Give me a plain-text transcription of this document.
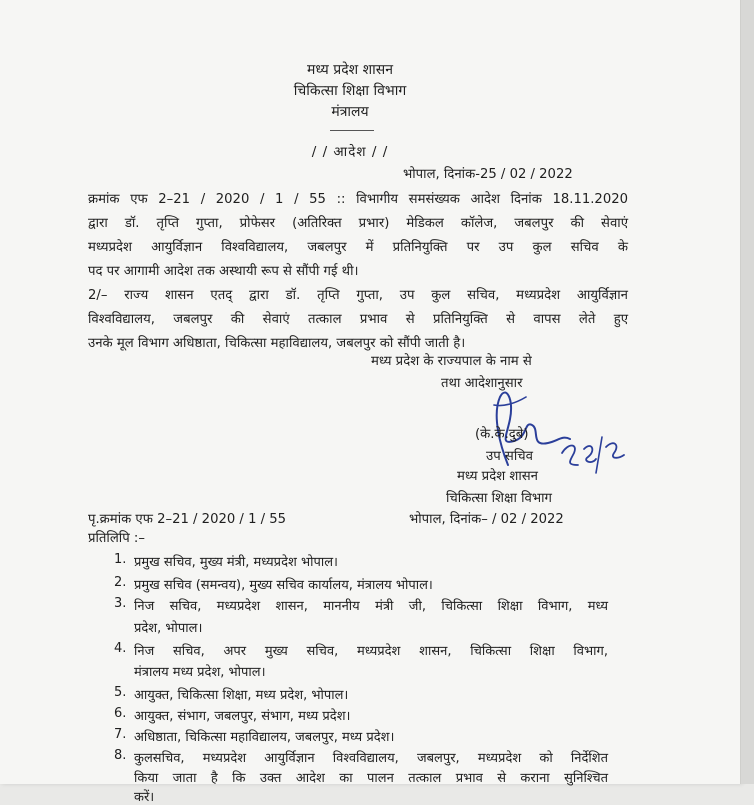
मध्य प्रदेश शासन
चिकित्सा शिक्षा विभाग
मंत्रालय
/ / आदेश / /
भोपाल, दिनांक-25 / 02 / 2022
क्रमांक एफ 2–21 / 2020 / 1 / 55 :: विभागीय समसंख्यक आदेश दिनांक 18.11.2020
द्वारा डॉ. तृप्ति गुप्ता, प्रोफेसर (अतिरिक्त प्रभार) मेडिकल कॉलेज, जबलपुर की सेवाएं
मध्यप्रदेश आयुर्विज्ञान विश्वविद्यालय, जबलपुर में प्रतिनियुक्ति पर उप कुल सचिव के
पद पर आगामी आदेश तक अस्थायी रूप से सौंपी गई थी।
2/– राज्य शासन एतद् द्वारा डॉ. तृप्ति गुप्ता, उप कुल सचिव, मध्यप्रदेश आयुर्विज्ञान
विश्वविद्यालय, जबलपुर की सेवाएं तत्काल प्रभाव से प्रतिनियुक्ति से वापस लेते हुए
उनके मूल विभाग अधिष्ठाता, चिकित्सा महाविद्यालय, जबलपुर को सौंपी जाती है।
मध्य प्रदेश के राज्यपाल के नाम से
तथा आदेशानुसार
(के.के.दुबे)
उप सचिव
मध्य प्रदेश शासन
चिकित्सा शिक्षा विभाग
पृ.क्रमांक एफ 2–21 / 2020 / 1 / 55	भोपाल, दिनांक– / 02 / 2022
प्रतिलिपि :–
1. प्रमुख सचिव, मुख्य मंत्री, मध्यप्रदेश भोपाल।
2. प्रमुख सचिव (समन्वय), मुख्य सचिव कार्यालय, मंत्रालय भोपाल।
3. निज सचिव, मध्यप्रदेश शासन, माननीय मंत्री जी, चिकित्सा शिक्षा विभाग, मध्य
प्रदेश, भोपाल।
4. निज सचिव, अपर मुख्य सचिव, मध्यप्रदेश शासन, चिकित्सा शिक्षा विभाग,
मंत्रालय मध्य प्रदेश, भोपाल।
5. आयुक्त, चिकित्सा शिक्षा, मध्य प्रदेश, भोपाल।
6. आयुक्त, संभाग, जबलपुर, संभाग, मध्य प्रदेश।
7. अधिष्ठाता, चिकित्सा महाविद्यालय, जबलपुर, मध्य प्रदेश।
8. कुलसचिव, मध्यप्रदेश आयुर्विज्ञान विश्वविद्यालय, जबलपुर, मध्यप्रदेश को निर्देशित
किया जाता है कि उक्त आदेश का पालन तत्काल प्रभाव से कराना सुनिश्चित
करें।
